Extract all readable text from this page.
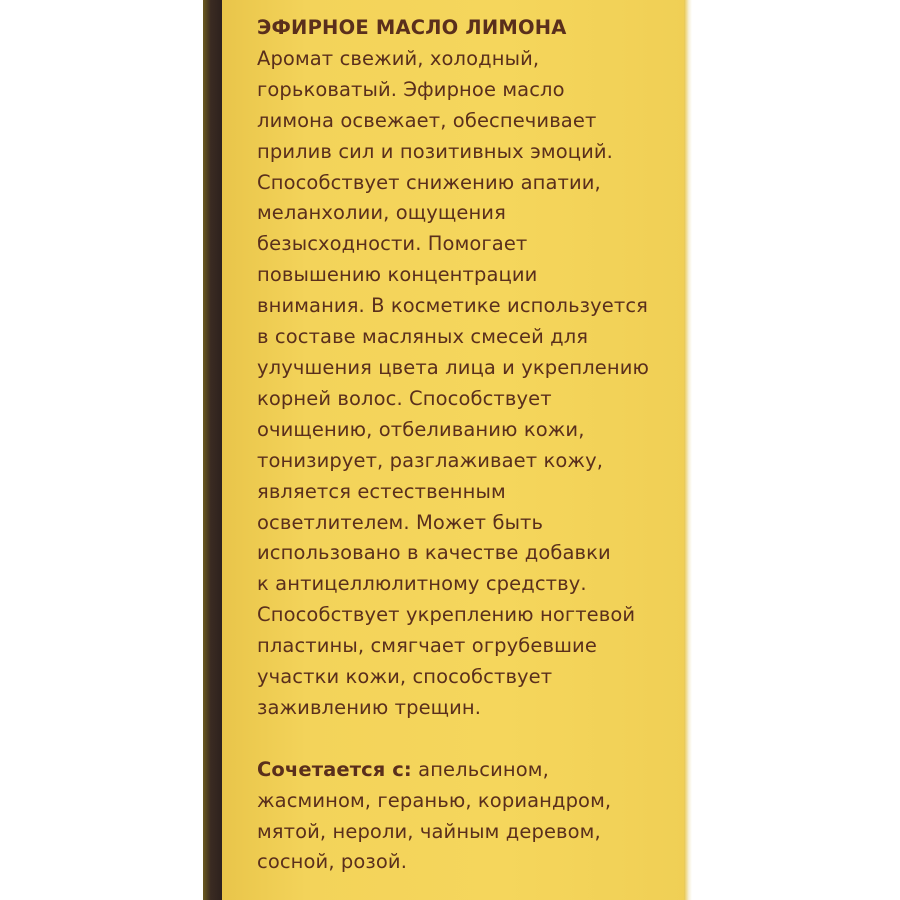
ЭФИРНОЕ МАСЛО ЛИМОНА
Аромат свежий, холодный,
горьковатый. Эфирное масло
лимона освежает, обеспечивает
прилив сил и позитивных эмоций.
Способствует снижению апатии,
меланхолии, ощущения
безысходности. Помогает
повышению концентрации
внимания. В косметике используется
в составе масляных смесей для
улучшения цвета лица и укреплению
корней волос. Способствует
очищению, отбеливанию кожи,
тонизирует, разглаживает кожу,
является естественным
осветлителем. Может быть
использовано в качестве добавки
к антицеллюлитному средству.
Способствует укреплению ногтевой
пластины, смягчает огрубевшие
участки кожи, способствует
заживлению трещин.
Сочетается с: апельсином,
жасмином, геранью, кориандром,
мятой, нероли, чайным деревом,
сосной, розой.
